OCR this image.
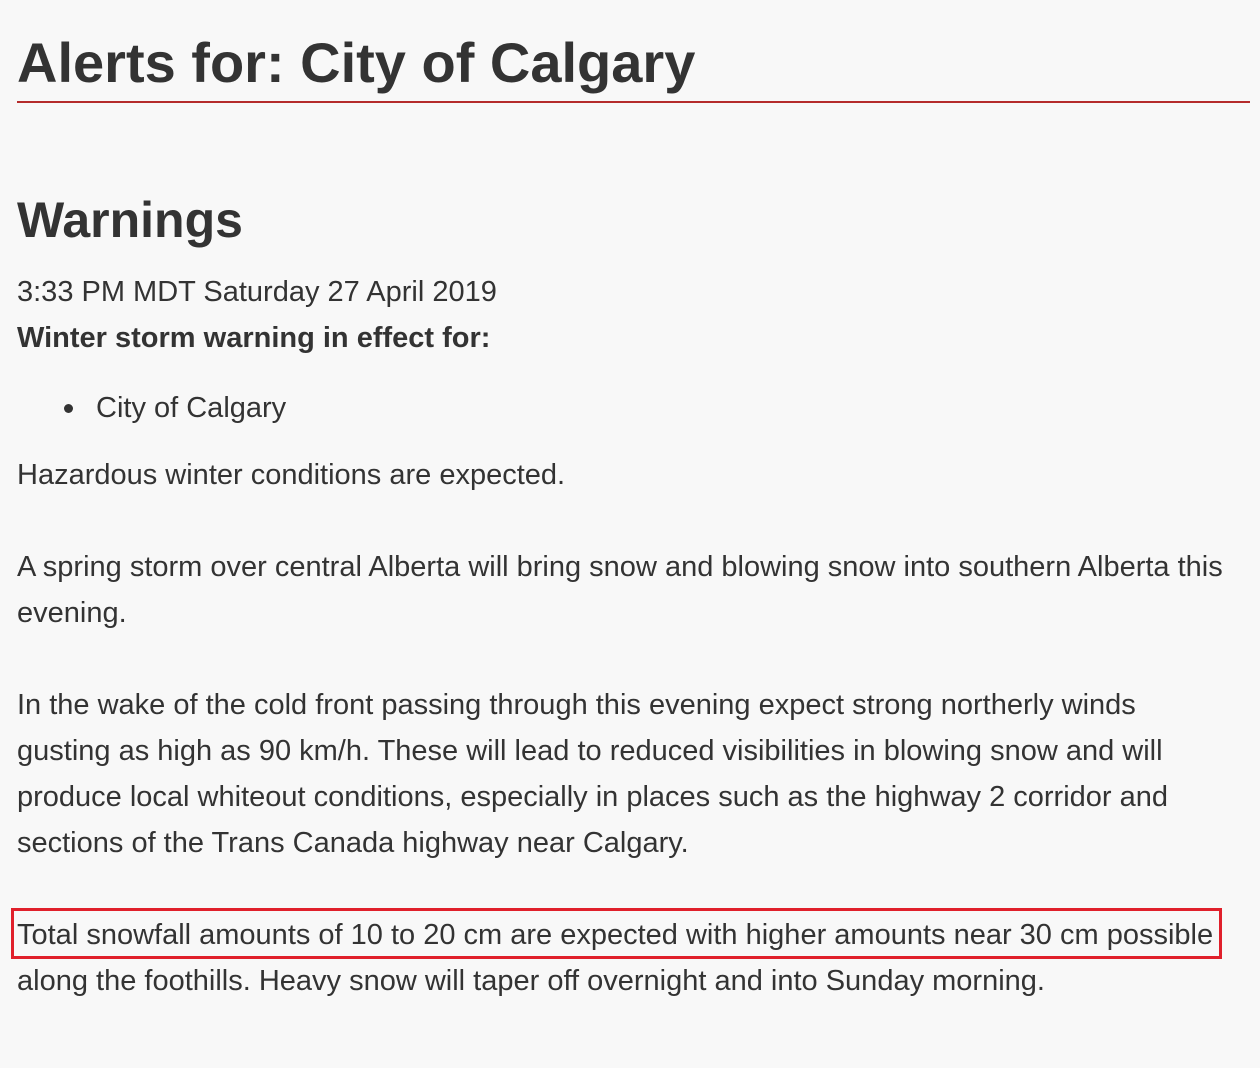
Alerts for: City of Calgary
Warnings
3:33 PM MDT Saturday 27 April 2019
Winter storm warning in effect for:
City of Calgary

Hazardous winter conditions are expected.

A spring storm over central Alberta will bring snow and blowing snow into southern Alberta this evening.

In the wake of the cold front passing through this evening expect strong northerly winds gusting as high as 90 km/h. These will lead to reduced visibilities in blowing snow and will produce local whiteout conditions, especially in places such as the highway 2 corridor and sections of the Trans Canada highway near Calgary.

Total snowfall amounts of 10 to 20 cm are expected with higher amounts near 30 cm possible along the foothills. Heavy snow will taper off overnight and into Sunday morning.
